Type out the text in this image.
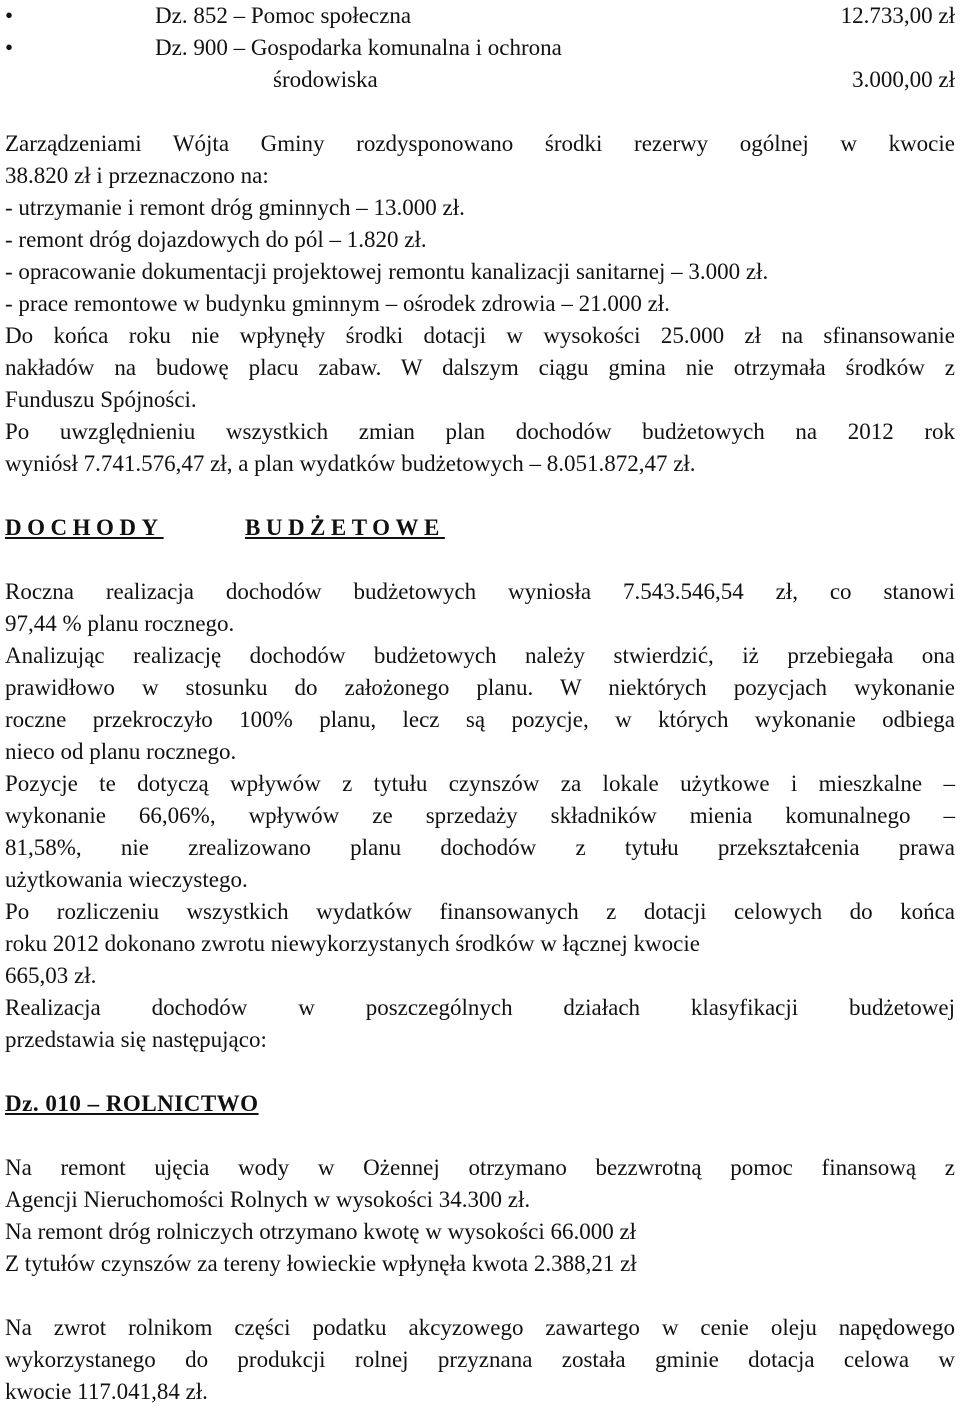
•	Dz. 852 – Pomoc społeczna	12.733,00 zł
•	Dz. 900 – Gospodarka komunalna i ochrona
środowiska	3.000,00 zł
Zarządzeniami Wójta Gminy rozdysponowano środki rezerwy ogólnej w kwocie
38.820 zł i przeznaczono na:
- utrzymanie i remont dróg gminnych – 13.000 zł.
- remont dróg dojazdowych do pól – 1.820 zł.
- opracowanie dokumentacji projektowej remontu kanalizacji sanitarnej – 3.000 zł.
- prace remontowe w budynku gminnym – ośrodek zdrowia – 21.000 zł.
Do końca roku nie wpłynęły środki dotacji w wysokości 25.000 zł na sfinansowanie
nakładów na budowę placu zabaw. W dalszym ciągu gmina nie otrzymała środków z
Funduszu Spójności.
Po uwzględnieniu wszystkich zmian plan dochodów budżetowych na 2012 rok
wyniósł 7.741.576,47 zł, a plan wydatków budżetowych – 8.051.872,47 zł.
DOCHODY	BUDŻETOWE
Roczna realizacja dochodów budżetowych wyniosła 7.543.546,54 zł, co stanowi
97,44 % planu rocznego.
Analizując realizację dochodów budżetowych należy stwierdzić, iż przebiegała ona
prawidłowo w stosunku do założonego planu. W niektórych pozycjach wykonanie
roczne przekroczyło 100% planu, lecz są pozycje, w których wykonanie odbiega
nieco od planu rocznego.
Pozycje te dotyczą wpływów z tytułu czynszów za lokale użytkowe i mieszkalne –
wykonanie 66,06%, wpływów ze sprzedaży składników mienia komunalnego –
81,58%, nie zrealizowano planu dochodów z tytułu przekształcenia prawa
użytkowania wieczystego.
Po rozliczeniu wszystkich wydatków finansowanych z dotacji celowych do końca
roku 2012 dokonano zwrotu niewykorzystanych środków w łącznej kwocie
665,03 zł.
Realizacja dochodów w poszczególnych działach klasyfikacji budżetowej
przedstawia się następująco:
Dz. 010 – ROLNICTWO
Na remont ujęcia wody w Ożennej otrzymano bezzwrotną pomoc finansową z
Agencji Nieruchomości Rolnych w wysokości 34.300 zł.
Na remont dróg rolniczych otrzymano kwotę w wysokości 66.000 zł
Z tytułów czynszów za tereny łowieckie wpłynęła kwota 2.388,21 zł
Na zwrot rolnikom części podatku akcyzowego zawartego w cenie oleju napędowego
wykorzystanego do produkcji rolnej przyznana została gminie dotacja celowa w
kwocie 117.041,84 zł.
